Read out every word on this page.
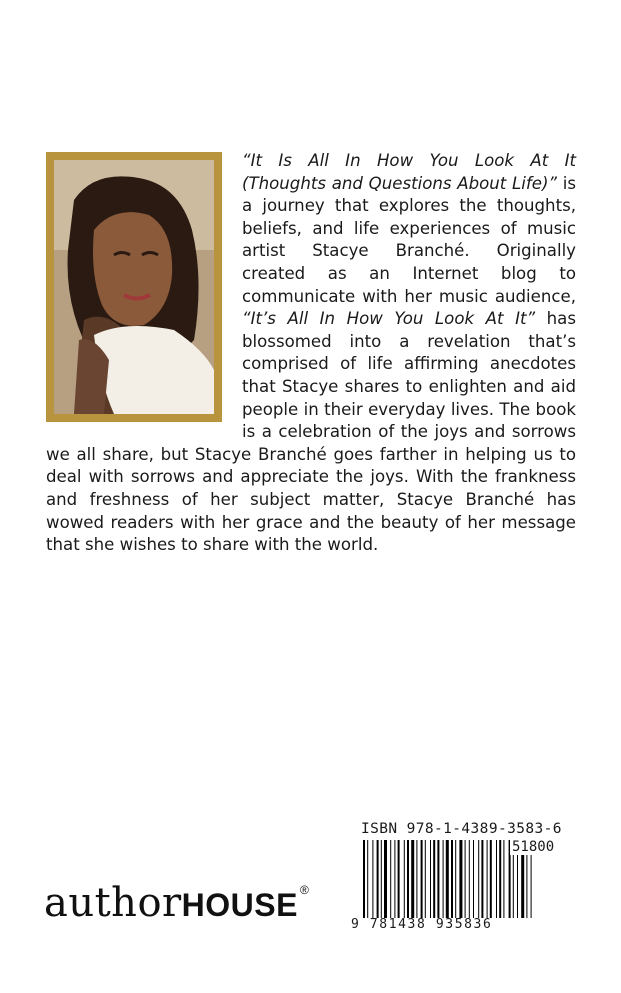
“It Is All In How You Look At It (Thoughts and Questions About Life)” is a journey that explores the thoughts, beliefs, and life experiences of music artist Stacye Branché. Originally created as an Internet blog to communicate with her music audience, “It’s All In How You Look At It” has blossomed into a revelation that’s comprised of life affirming anecdotes that Stacye shares to enlighten and aid people in their everyday lives. The book is a celebration of the joys and sorrows we all share, but Stacye Branché goes farther in helping us to deal with sorrows and appreciate the joys. With the frankness and freshness of her subject matter, Stacye Branché has wowed readers with her grace and the beauty of her message that she wishes to share with the world.

ISBN 978-1-4389-3583-6

51800

9 781438 935836

authorHOUSE ®
